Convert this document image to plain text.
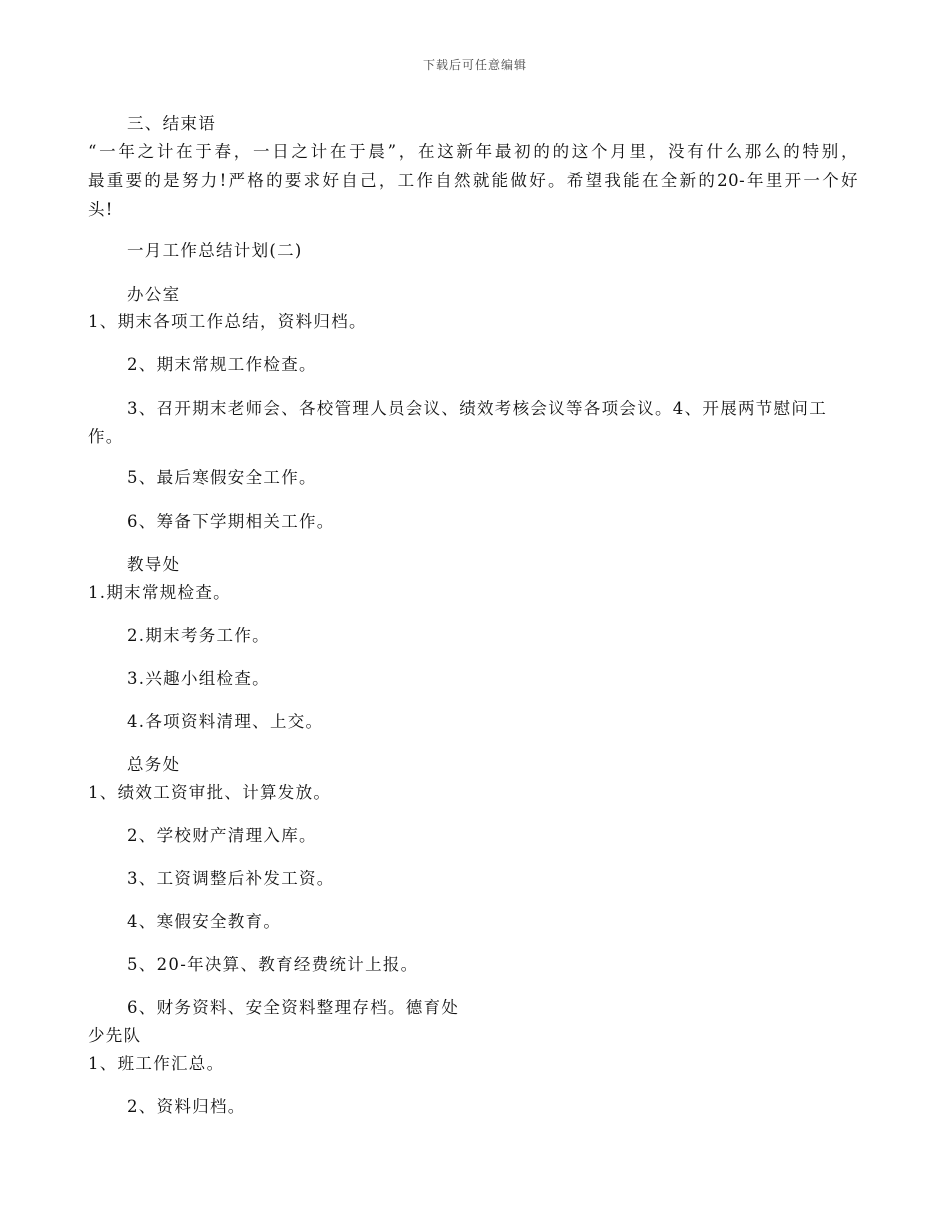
下载后可任意编辑
三、结束语
“一年之计在于春，一日之计在于晨”，在这新年最初的的这个月里，没有什么那么的特别，
最重要的是努力!严格的要求好自己，工作自然就能做好。希望我能在全新的20-年里开一个好
头!
一月工作总结计划(二)
办公室
1、期末各项工作总结，资料归档。
2、期末常规工作检查。
3、召开期末老师会、各校管理人员会议、绩效考核会议等各项会议。4、开展两节慰问工
作。
5、最后寒假安全工作。
6、筹备下学期相关工作。
教导处
1.期末常规检查。
2.期末考务工作。
3.兴趣小组检查。
4.各项资料清理、上交。
总务处
1、绩效工资审批、计算发放。
2、学校财产清理入库。
3、工资调整后补发工资。
4、寒假安全教育。
5、20-年决算、教育经费统计上报。
6、财务资料、安全资料整理存档。德育处
少先队
1、班工作汇总。
2、资料归档。
